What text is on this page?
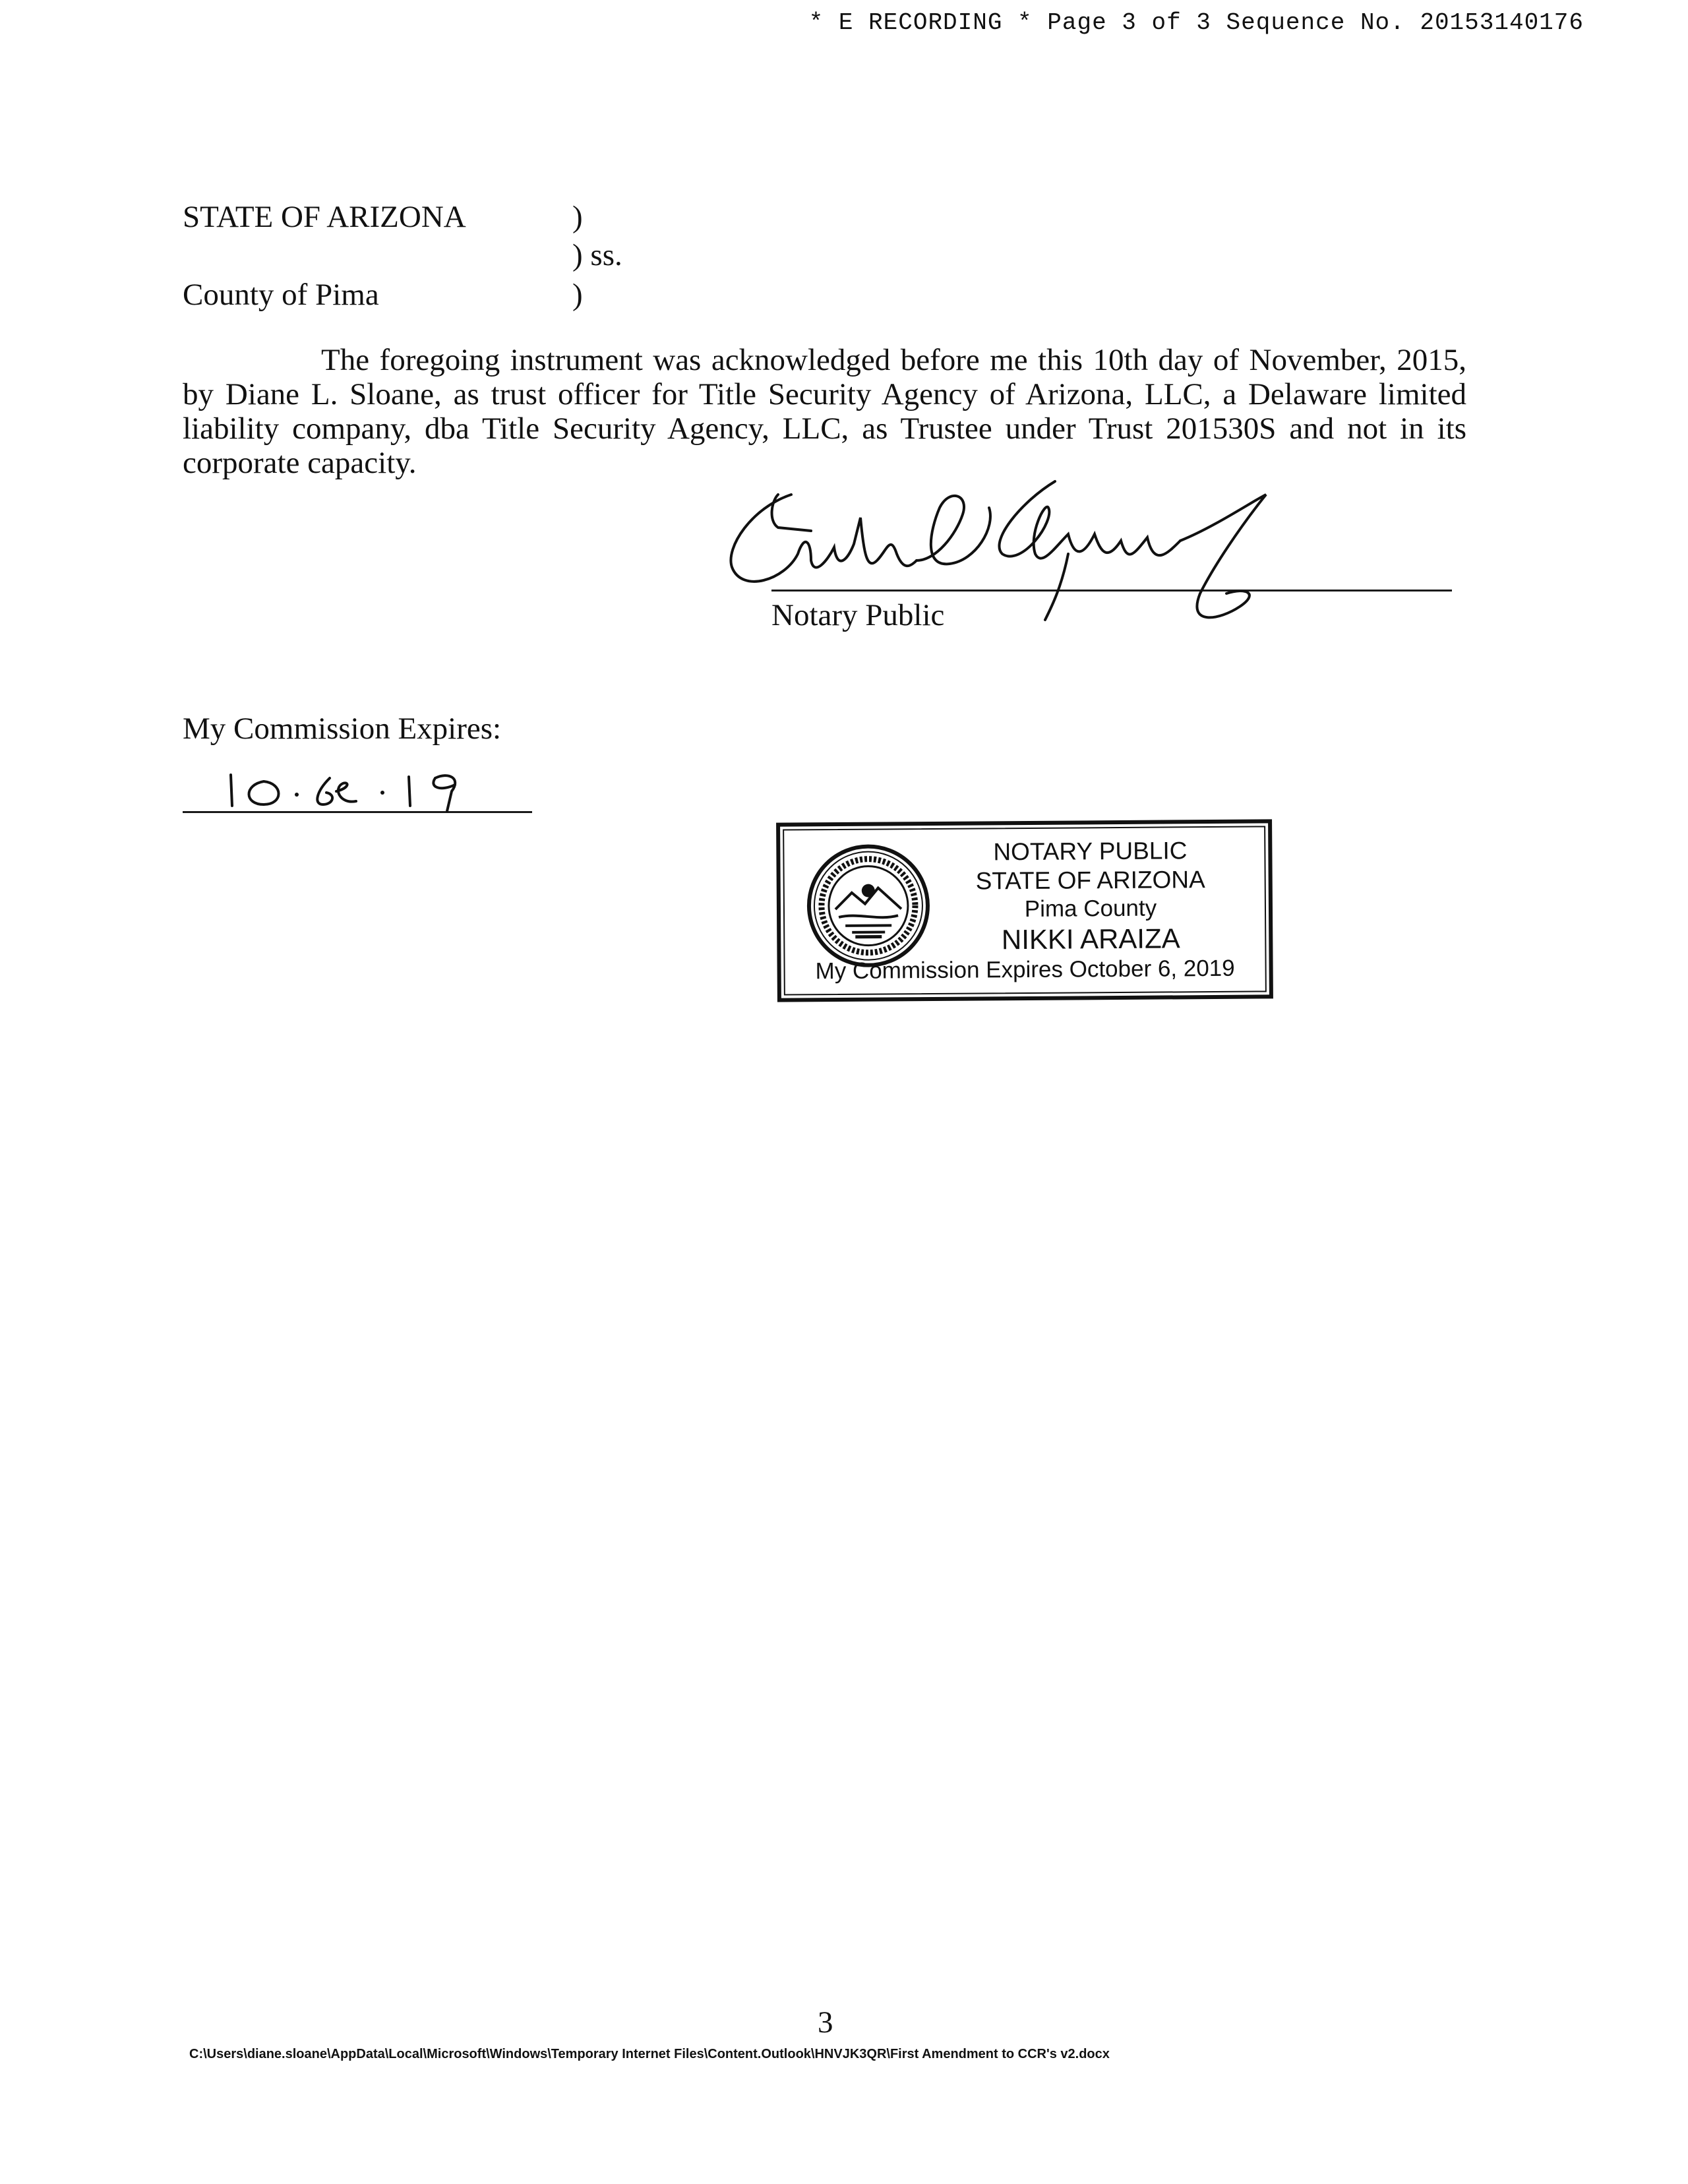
* E RECORDING * Page 3 of 3 Sequence No. 20153140176
STATE OF ARIZONA	)
) ss.
County of Pima	)
The foregoing instrument was acknowledged before me this 10th day of November, 2015, by Diane L. Sloane, as trust officer for Title Security Agency of Arizona, LLC, a Delaware limited liability company, dba Title Security Agency, LLC, as Trustee under Trust 201530S and not in its corporate capacity.
Notary Public
My Commission Expires:
NOTARY PUBLIC
STATE OF ARIZONA
Pima County
NIKKI ARAIZA
My Commission Expires October 6, 2019
3
C:\Users\diane.sloane\AppData\Local\Microsoft\Windows\Temporary Internet Files\Content.Outlook\HNVJK3QR\First Amendment to CCR's v2.docx
